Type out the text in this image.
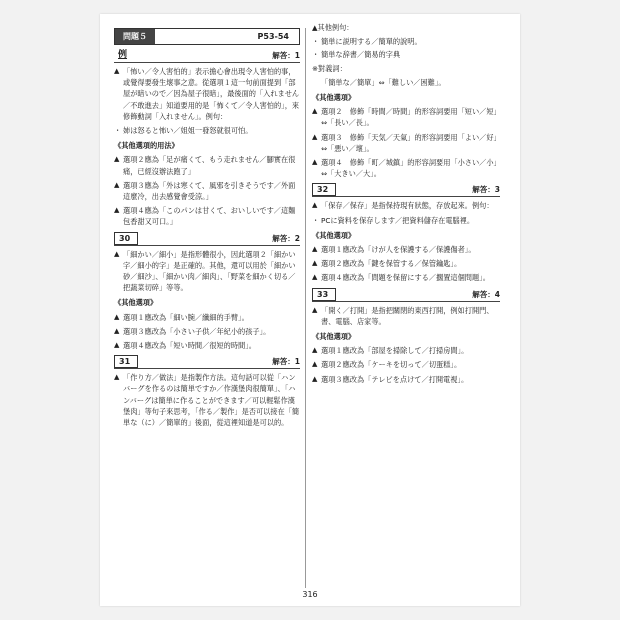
問題５	P53-54
例	解答：1
▲ 「怖い／令人害怕的」表示擔心會出現令人害怕的事，或覺得要發生壞事之意。從選項１這一句前面提到「部屋が暗いので／因為屋子很暗」，最後面的「入れません／不敢進去」知道要用的是「怖くて／令人害怕的」，來修飾動詞「入れません」。例句：
・ 姉は怒ると怖い／姐姐一發怒就很可怕。
《其他選項的用法》
▲ 選項２應為「足が痛くて、もう走れません／腳實在很痛，已經沒辦法跑了」
▲ 選項３應為「外は寒くて、風邪を引きそうです／外面這麼冷，出去感覺會受涼。」
▲ 選項４應為「このパンは甘くて、おいしいです／這麵包香甜又可口。」
30	解答：2
▲ 「細かい／細小」是指形體很小，因此選項２「細かい字／細小的字」是正確的。其他，還可以用於「細かい砂／細沙」、「細かい肉／細肉」、「野菜を細かく切る／把蔬菜切碎」等等。
《其他選項》
▲ 選項１應改為「細い腕／纖細的手臂」。
▲ 選項３應改為「小さい子供／年紀小的孩子」。
▲ 選項４應改為「短い時間／很短的時間」。
31	解答：1
▲ 「作り方／做法」是指製作方法。這句話可以從「ハンバーグを作るのは簡単ですか／作漢堡肉很簡單」、「ハンバーグは簡単に作ることができます／可以輕鬆作漢堡肉」等句子來思考，「作る／製作」是否可以接在「簡単な（に）／簡單的」後面，從這裡知道是可以的。
▲其他例句：
・ 簡単に説明する／簡單的說明。
・ 簡単な辞書／簡易的字典
※對義詞：
「簡単な／簡單」⇔「難しい／困難」。
《其他選項》
▲ 選項２　修飾「時間／時間」的形容詞要用「短い／短」⇔「長い／長」。
▲ 選項３　修飾「天気／天氣」的形容詞要用「よい／好」⇔「悪い／壞」。
▲ 選項４　修飾「町／城鎮」的形容詞要用「小さい／小」⇔「大きい／大」。
32	解答：3
▲ 「保存／保存」是指保持現有狀態，存放起來。例句：
・ PCに資料を保存します／把資料儲存在電腦裡。
《其他選項》
▲ 選項１應改為「けが人を保護する／保護傷者」。
▲ 選項２應改為「鍵を保管する／保管鑰匙」。
▲ 選項４應改為「問題を保留にする／擱置這個問題」。
33	解答：4
▲ 「開く／打開」是指把關閉的東西打開，例如打開門、書、電腦、店家等。
《其他選項》
▲ 選項１應改為「部屋を掃除して／打掃房間」。
▲ 選項２應改為「ケーキを切って／切蛋糕」。
▲ 選項３應改為「テレビを点けて／打開電視」。
316
